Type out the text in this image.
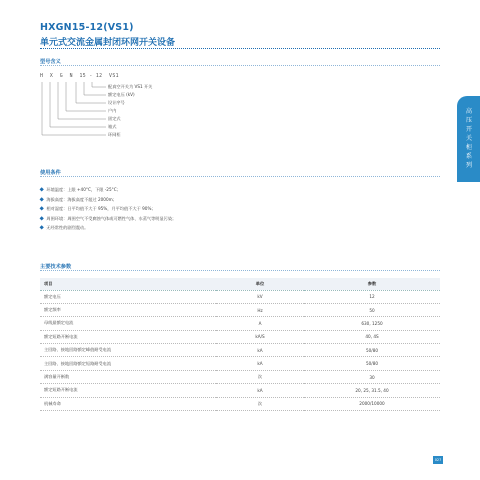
HXGN15-12(VS1)
单元式交流金属封闭环网开关设备
型号含义
H  X  G  N  15 - 12  VS1
配真空开关为 VS1 开关
额定电压 (kV)
设计序号
户内
固定式
箱式
环网柜
使用条件
环境温度：上限 +40°C，下限 -25°C；
海拔高度：海拔高度不超过 2000m；
相对湿度：日平均值不大于 95%，月平均值不大于 90%；
周围环境：周围空气不受腐蚀气体或可燃性气体、水蒸气等明显污染；
无经常性的剧烈震动。
主要技术参数
项目	单位	参数
额定电压	kV	12
额定频率	Hz	50
母线最额定电流	A	630, 1250
额定短路开断电流	kA/S	40, 4S
主回路、接地回路额定峰值耐受电流	kA	50/80
主回路、接地回路额定短路耐受电流	kA	50/80
满容量开断数	次	30
额定短路开断电流	kA	20, 25, 31.5, 40
机械寿命	次	2000/10000
高
压
开
关
柜
系
列
027
